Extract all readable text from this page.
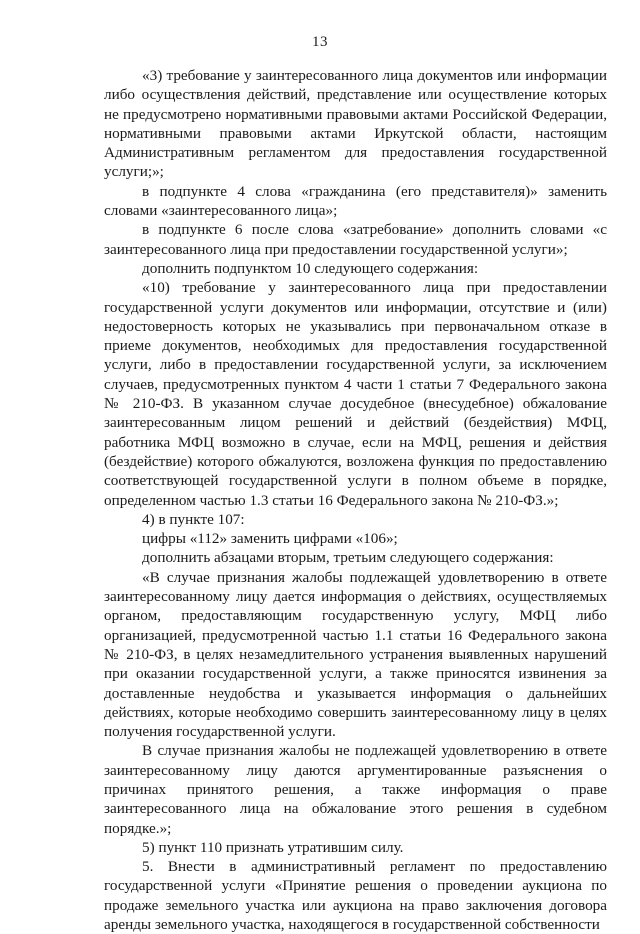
13

«3) требование у заинтересованного лица документов или информации либо осуществления действий, представление или осуществление которых не предусмотрено нормативными правовыми актами Российской Федерации, нормативными правовыми актами Иркутской области, настоящим Административным регламентом для предоставления государственной услуги;»;

в подпункте 4 слова «гражданина (его представителя)» заменить словами «заинтересованного лица»;

в подпункте 6 после слова «затребование» дополнить словами «с заинтересованного лица при предоставлении государственной услуги»;

дополнить подпунктом 10 следующего содержания:

«10) требование у заинтересованного лица при предоставлении государственной услуги документов или информации, отсутствие и (или) недостоверность которых не указывались при первоначальном отказе в приеме документов, необходимых для предоставления государственной услуги, либо в предоставлении государственной услуги, за исключением случаев, предусмотренных пунктом 4 части 1 статьи 7 Федерального закона № 210-ФЗ. В указанном случае досудебное (внесудебное) обжалование заинтересованным лицом решений и действий (бездействия) МФЦ, работника МФЦ возможно в случае, если на МФЦ, решения и действия (бездействие) которого обжалуются, возложена функция по предоставлению соответствующей государственной услуги в полном объеме в порядке, определенном частью 1.3 статьи 16 Федерального закона № 210-ФЗ.»;

4) в пункте 107:

цифры «112» заменить цифрами «106»;

дополнить абзацами вторым, третьим следующего содержания:

«В случае признания жалобы подлежащей удовлетворению в ответе заинтересованному лицу дается информация о действиях, осуществляемых органом, предоставляющим государственную услугу, МФЦ либо организацией, предусмотренной частью 1.1 статьи 16 Федерального закона № 210-ФЗ, в целях незамедлительного устранения выявленных нарушений при оказании государственной услуги, а также приносятся извинения за доставленные неудобства и указывается информация о дальнейших действиях, которые необходимо совершить заинтересованному лицу в целях получения государственной услуги.

В случае признания жалобы не подлежащей удовлетворению в ответе заинтересованному лицу даются аргументированные разъяснения о причинах принятого решения, а также информация о праве заинтересованного лица на обжалование этого решения в судебном порядке.»;

5) пункт 110 признать утратившим силу.

5. Внести в административный регламент по предоставлению государственной услуги «Принятие решения о проведении аукциона по продаже земельного участка или аукциона на право заключения договора аренды земельного участка, находящегося в государственной собственности
